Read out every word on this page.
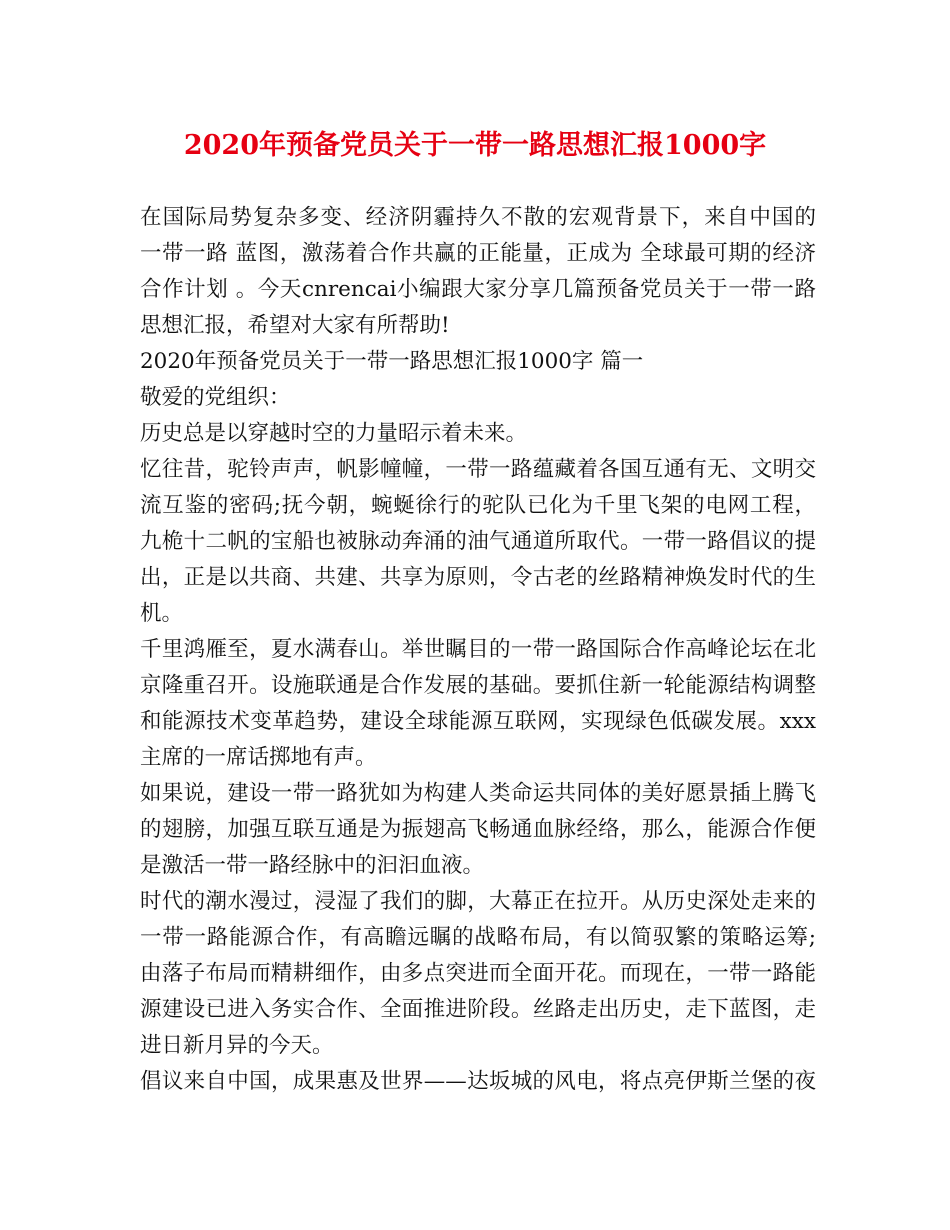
2020年预备党员关于一带一路思想汇报1000字
在国际局势复杂多变、经济阴霾持久不散的宏观背景下，来自中国的
一带一路 蓝图，激荡着合作共赢的正能量，正成为 全球最可期的经济
合作计划 。今天cnrencai小编跟大家分享几篇预备党员关于一带一路
思想汇报，希望对大家有所帮助!
2020年预备党员关于一带一路思想汇报1000字 篇一
敬爱的党组织：
历史总是以穿越时空的力量昭示着未来。
忆往昔，驼铃声声，帆影幢幢，一带一路蕴藏着各国互通有无、文明交
流互鉴的密码;抚今朝，蜿蜒徐行的驼队已化为千里飞架的电网工程，
九桅十二帆的宝船也被脉动奔涌的油气通道所取代。一带一路倡议的提
出，正是以共商、共建、共享为原则，令古老的丝路精神焕发时代的生
机。
千里鸿雁至，夏水满春山。举世瞩目的一带一路国际合作高峰论坛在北
京隆重召开。设施联通是合作发展的基础。要抓住新一轮能源结构调整
和能源技术变革趋势，建设全球能源互联网，实现绿色低碳发展。xxx
主席的一席话掷地有声。
如果说，建设一带一路犹如为构建人类命运共同体的美好愿景插上腾飞
的翅膀，加强互联互通是为振翅高飞畅通血脉经络，那么，能源合作便
是激活一带一路经脉中的汩汩血液。
时代的潮水漫过，浸湿了我们的脚，大幕正在拉开。从历史深处走来的
一带一路能源合作，有高瞻远瞩的战略布局，有以简驭繁的策略运筹;
由落子布局而精耕细作，由多点突进而全面开花。而现在，一带一路能
源建设已进入务实合作、全面推进阶段。丝路走出历史，走下蓝图，走
进日新月异的今天。
倡议来自中国，成果惠及世界——达坂城的风电，将点亮伊斯兰堡的夜
